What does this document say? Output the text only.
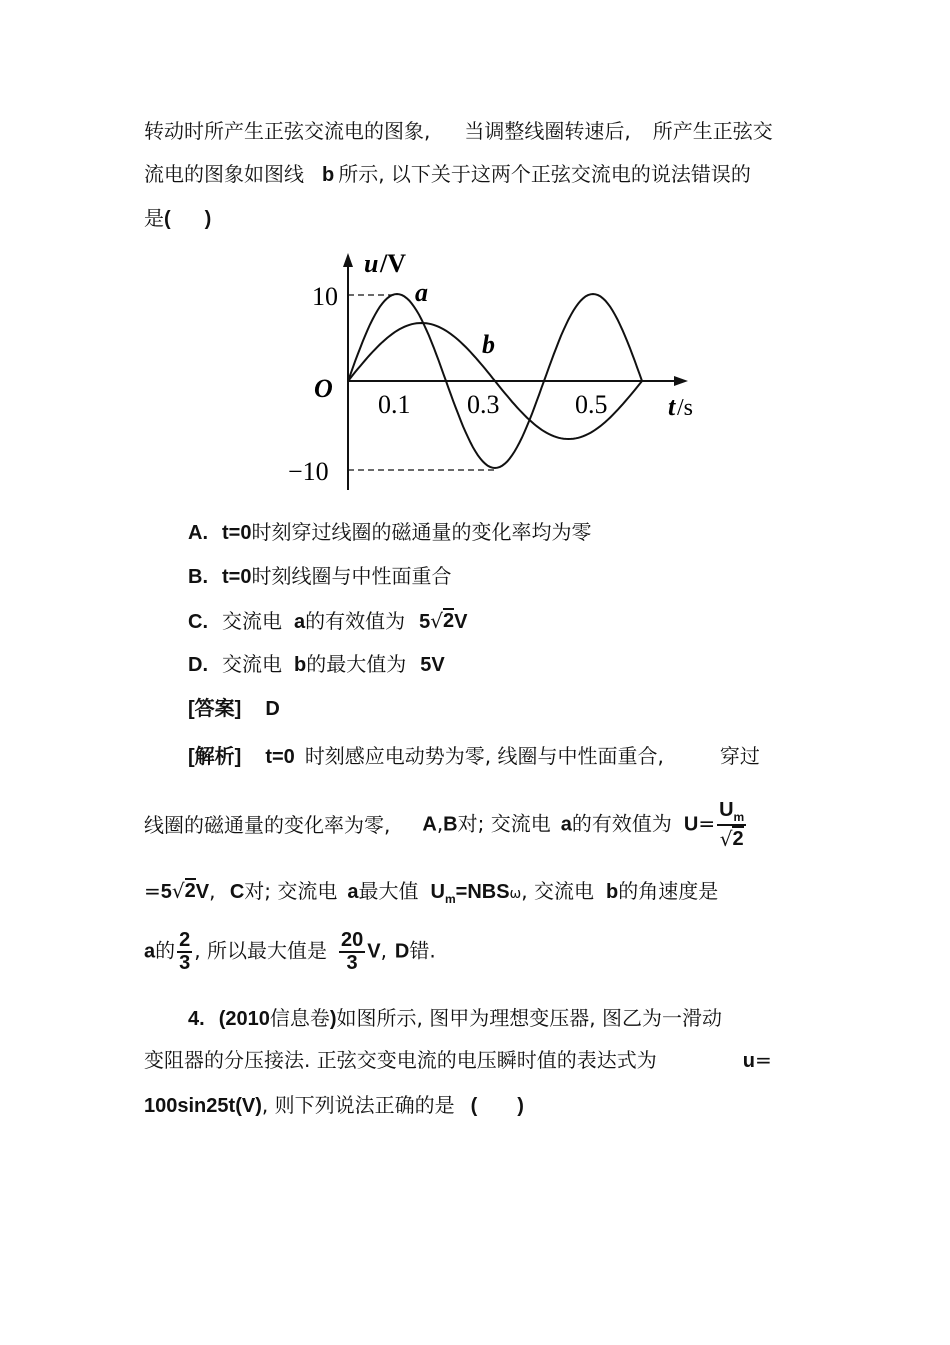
转动时所产生正弦交流电的图象, 当调整线圈转速后, 所产生正弦交
流电的图象如图线 b 所示, 以下关于这两个正弦交流电的说法错误的
是( )
u /V
10
−10
O
0.1 0.3	0.5 t /s
a
b
A. t=0时刻穿过线圈的磁通量的变化率均为零
B. t=0时刻线圈与中性面重合
C. 交流电 a的有效值为 5 √ 2 V
D. 交流电 b的最大值为 5V
[答案] D
[解析] t=0 时刻感应电动势为零, 线圈与中性面重合,	穿过
线圈的磁通量的变化率为零, A,B对; 交流电 a的有效值为 $U= \frac{U_m}{√ 2}$
=5 √ 2 V, C对; 交流电 a最大值 $U_m=NBS\omega$, 交流电 b的角速度是
a的 $\frac{2}{3}$ , 所以最大值是 $\frac{20}{3} V$, D错.
4. (2010信息卷)如图所示, 图甲为理想变压器, 图乙为一滑动
变阻器的分压接法. 正弦交变电流的电压瞬时值的表达式为	u=
100sin25t(V), 则下列说法正确的是 ( )
